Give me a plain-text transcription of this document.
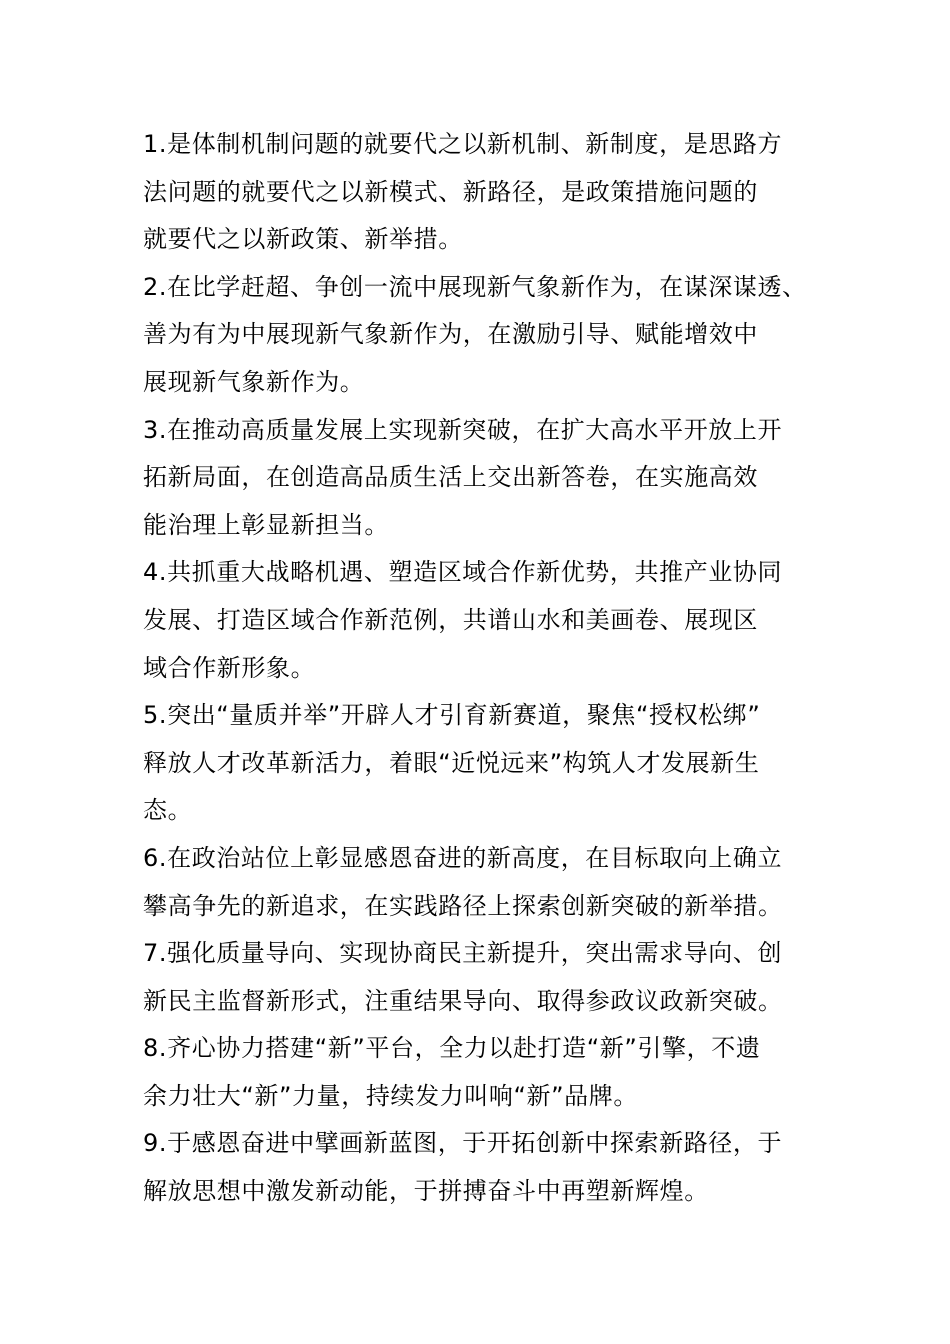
1.是体制机制问题的就要代之以新机制、新制度，是思路方
法问题的就要代之以新模式、新路径，是政策措施问题的
就要代之以新政策、新举措。

2.在比学赶超、争创一流中展现新气象新作为，在谋深谋透、
善为有为中展现新气象新作为，在激励引导、赋能增效中
展现新气象新作为。

3.在推动高质量发展上实现新突破，在扩大高水平开放上开
拓新局面，在创造高品质生活上交出新答卷，在实施高效
能治理上彰显新担当。

4.共抓重大战略机遇、塑造区域合作新优势，共推产业协同
发展、打造区域合作新范例，共谱山水和美画卷、展现区
域合作新形象。

5.突出“量质并举”开辟人才引育新赛道，聚焦“授权松绑”
释放人才改革新活力，着眼“近悦远来”构筑人才发展新生
态。

6.在政治站位上彰显感恩奋进的新高度，在目标取向上确立
攀高争先的新追求，在实践路径上探索创新突破的新举措。

7.强化质量导向、实现协商民主新提升，突出需求导向、创
新民主监督新形式，注重结果导向、取得参政议政新突破。

8.齐心协力搭建“新”平台，全力以赴打造“新”引擎，不遗
余力壮大“新”力量，持续发力叫响“新”品牌。

9.于感恩奋进中擘画新蓝图，于开拓创新中探索新路径，于
解放思想中激发新动能，于拼搏奋斗中再塑新辉煌。
